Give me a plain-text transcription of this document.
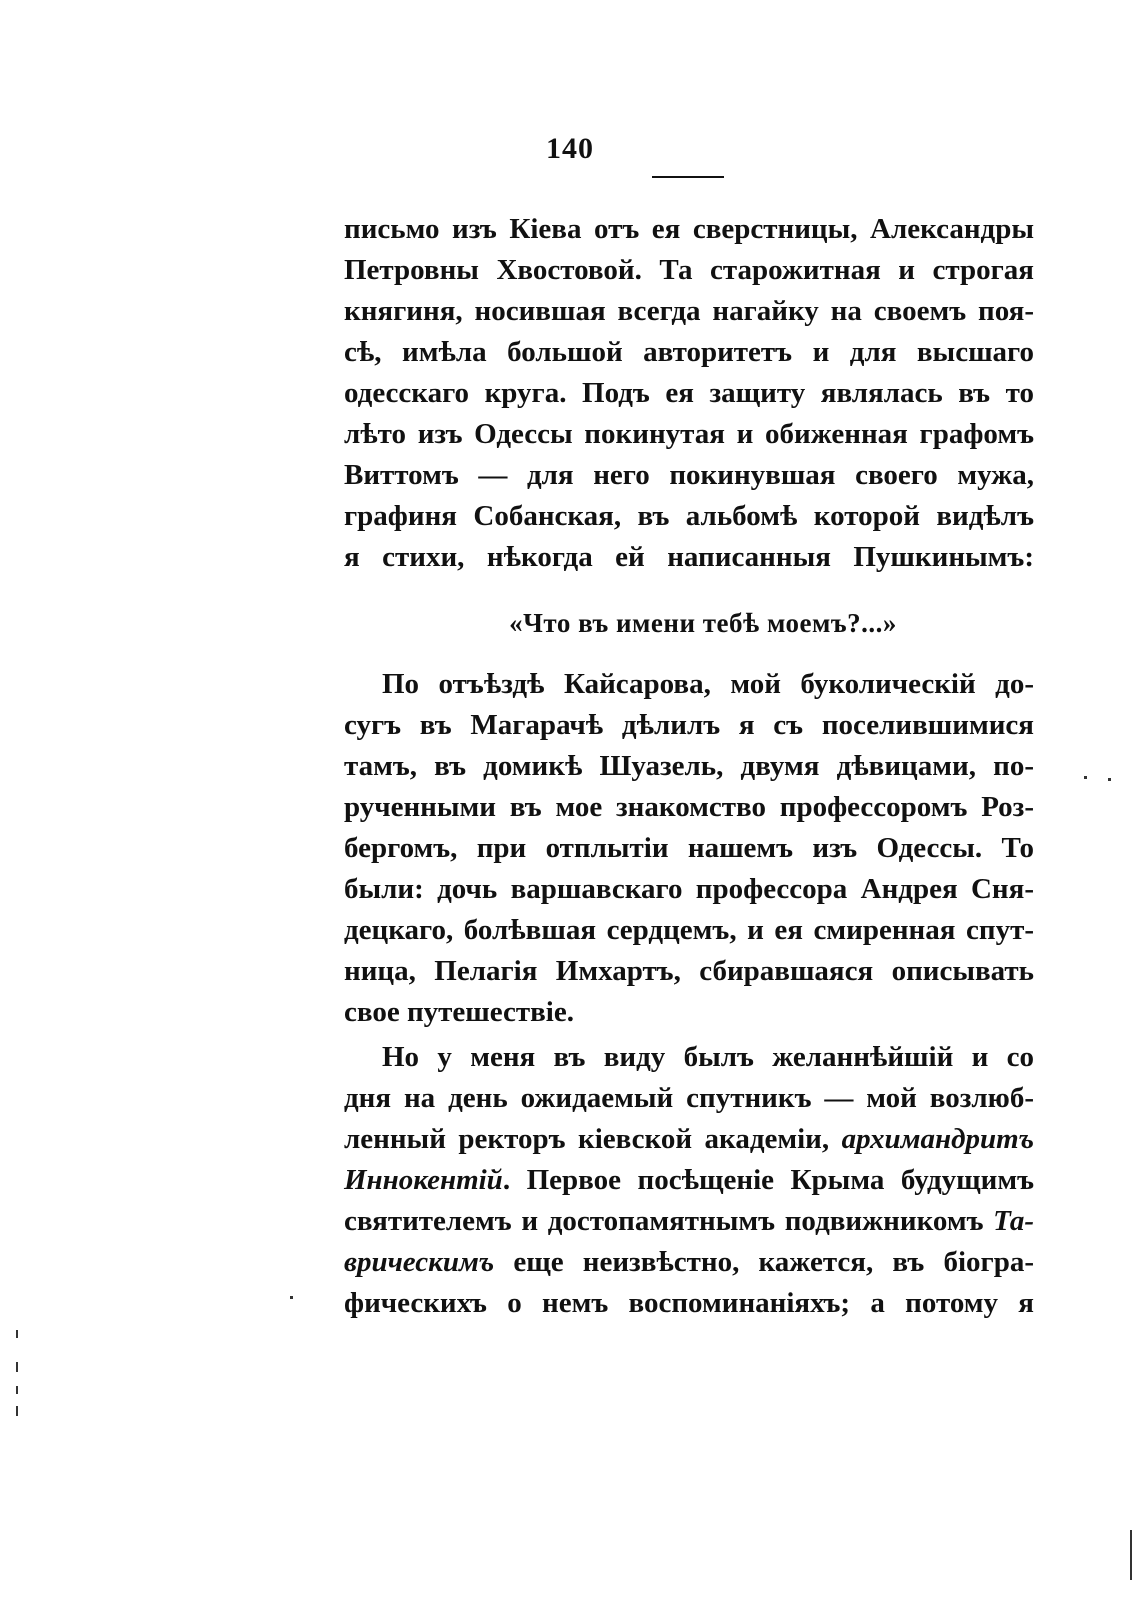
140
письмо изъ Кіева отъ ея сверстницы, Александры
Петровны Хвостовой. Та старожитная и строгая
княгиня, носившая всегда нагайку на своемъ поя-
сѣ, имѣла большой авторитетъ и для высшаго
одесскаго круга. Подъ ея защиту являлась въ то
лѣто изъ Одессы покинутая и обиженная графомъ
Виттомъ — для него покинувшая своего мужа,
графиня Собанская, въ альбомѣ которой видѣлъ
я стихи, нѣкогда ей написанныя Пушкинымъ:
«Что въ имени тебѣ моемъ?...»
По отъѣздѣ Кайсарова, мой буколическій до-
сугъ въ Магарачѣ дѣлилъ я съ поселившимися
тамъ, въ домикѣ Шуазель, двумя дѣвицами, по-
рученными въ мое знакомство профессоромъ Роз-
бергомъ, при отплытіи нашемъ изъ Одессы. То
были: дочь варшавскаго профессора Андрея Сня-
децкаго, болѣвшая сердцемъ, и ея смиренная спут-
ница, Пелагія Имхартъ, сбиравшаяся описывать
свое путешествіе.
Но у меня въ виду былъ желаннѣйшій и со
дня на день ожидаемый спутникъ — мой возлюб-
ленный ректоръ кіевской академіи, архимандритъ
Иннокентій. Первое посѣщеніе Крыма будущимъ
святителемъ и достопамятнымъ подвижникомъ Та-
врическимъ еще неизвѣстно, кажется, въ біогра-
фическихъ о немъ воспоминаніяхъ; а потому я
